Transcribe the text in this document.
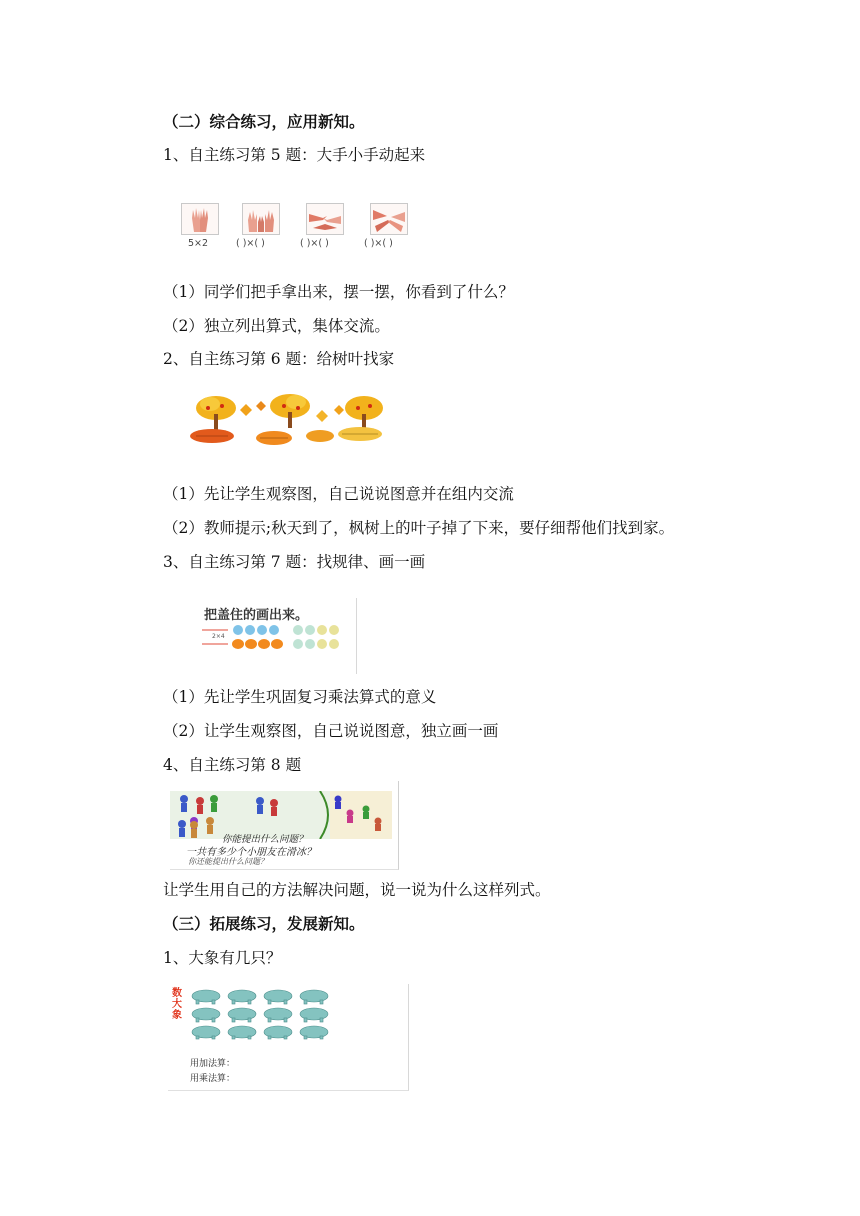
（二）综合练习，应用新知。
1、自主练习第 5 题：大手小手动起来
5×2	( )×( )	( )×( )	( )×( )
（1）同学们把手拿出来，摆一摆，你看到了什么？
（2）独立列出算式，集体交流。
2、自主练习第 6 题：给树叶找家
（1）先让学生观察图，自己说说图意并在组内交流
（2）教师提示;秋天到了，枫树上的叶子掉了下来，要仔细帮他们找到家。
3、自主练习第 7 题：找规律、画一画
把盖住的画出来。
2×4
（1）先让学生巩固复习乘法算式的意义
（2）让学生观察图，自己说说图意，独立画一画
4、自主练习第 8 题
你能提出什么问题？
一共有多少个小朋友在滑冰？
你还能提出什么问题？
让学生用自己的方法解决问题，说一说为什么这样列式。
（三）拓展练习，发展新知。
1、大象有几只？
数大象
用加法算：
用乘法算：
